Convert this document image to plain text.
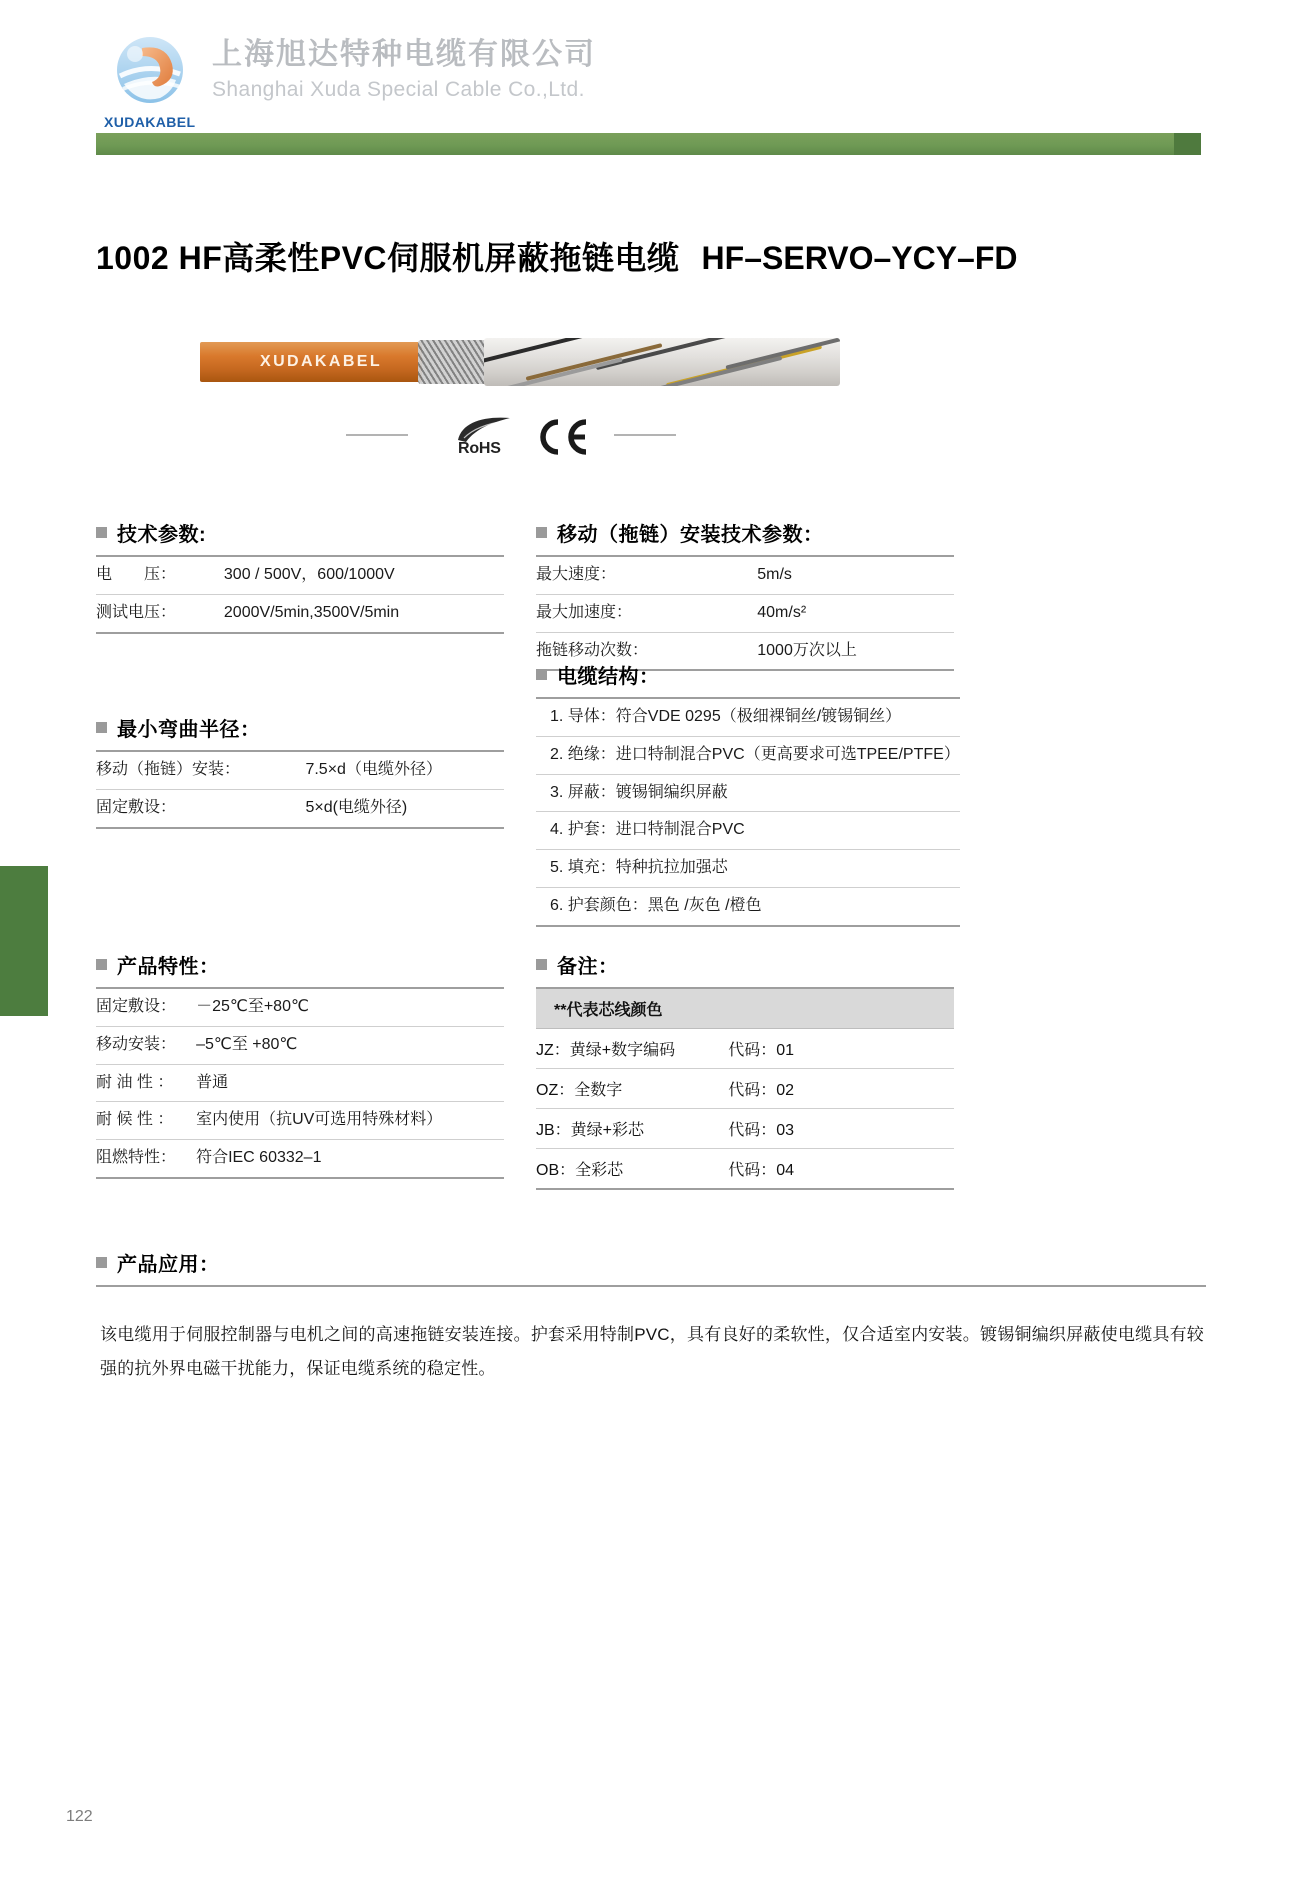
XUDAKABEL
上海旭达特种电缆有限公司
Shanghai Xuda Special Cable Co.,Ltd.
1002 HF高柔性PVC伺服机屏蔽拖链电缆 HF–SERVO–YCY–FD
XUDAKABEL
RoHS
技术参数:
电　　压：	300 / 500V，600/1000V
测试电压：	2000V/5min,3500V/5min
最小弯曲半径：
移动（拖链）安装：	7.5×d（电缆外径）
固定敷设：	5×d(电缆外径)
产品特性：
固定敷设：	－25℃至+80℃
移动安装：	–5℃至 +80℃
耐 油 性 ：	普通
耐 候 性 ：	室内使用（抗UV可选用特殊材料）
阻燃特性：	符合IEC 60332–1
移动（拖链）安装技术参数：
最大速度：	5m/s
最大加速度：	40m/s²
拖链移动次数：	1000万次以上
电缆结构：
1. 导体：符合VDE 0295（极细裸铜丝/镀锡铜丝）
2. 绝缘：进口特制混合PVC（更高要求可选TPEE/PTFE）
3. 屏蔽：镀锡铜编织屏蔽
4. 护套：进口特制混合PVC
5. 填充：特种抗拉加强芯
6. 护套颜色：黑色 /灰色 /橙色
备注：
**代表芯线颜色	
JZ：黄绿+数字编码	代码：01
OZ：全数字	代码：02
JB：黄绿+彩芯	代码：03
OB：全彩芯	代码：04
产品应用：

该电缆用于伺服控制器与电机之间的高速拖链安装连接。护套采用特制PVC，具有良好的柔软性，仅合适室内安装。镀锡铜编织屏蔽使电缆具有较强的抗外界电磁干扰能力，保证电缆系统的稳定性。

122
